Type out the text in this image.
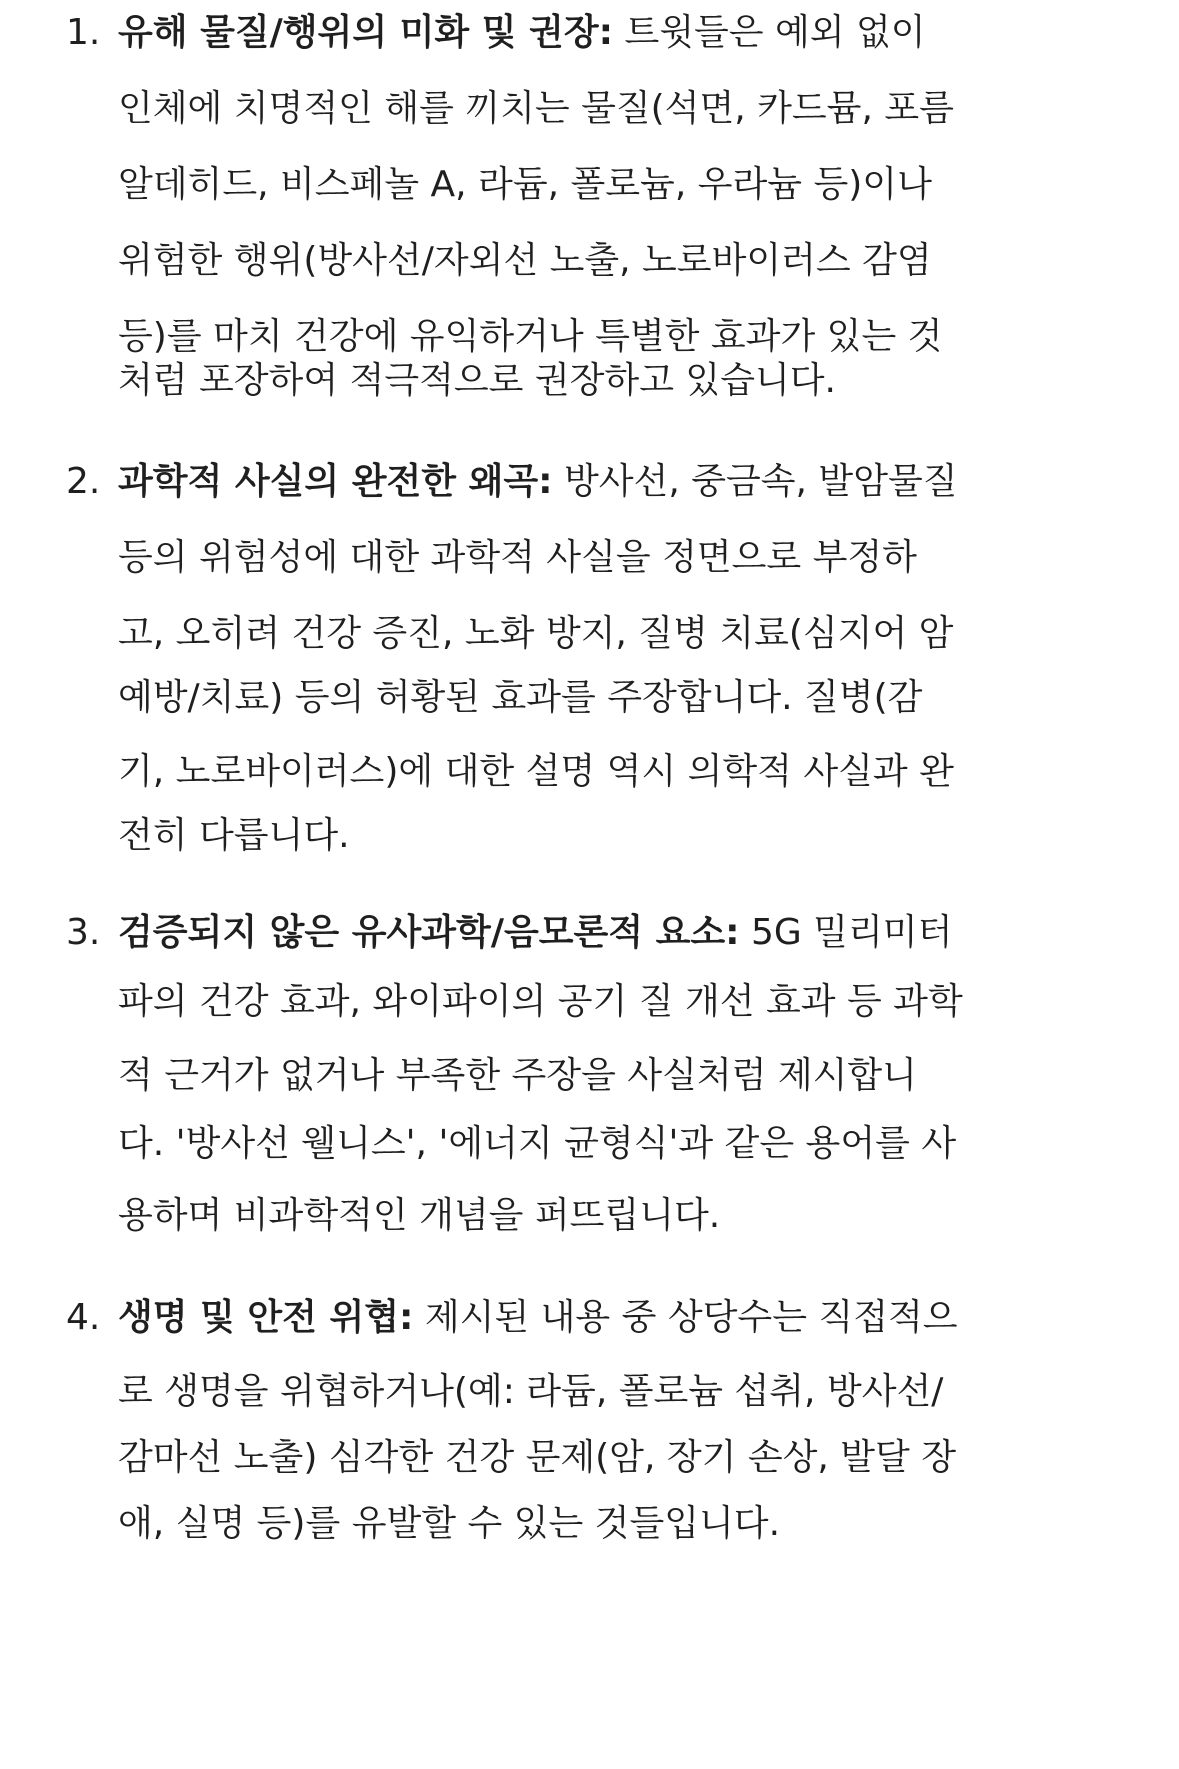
1. 유해 물질/행위의 미화 및 권장: 트윗들은 예외 없이
인체에 치명적인 해를 끼치는 물질(석면, 카드뮴, 포름
알데히드, 비스페놀 A, 라듐, 폴로늄, 우라늄 등)이나
위험한 행위(방사선/자외선 노출, 노로바이러스 감염
등)를 마치 건강에 유익하거나 특별한 효과가 있는 것
처럼 포장하여 적극적으로 권장하고 있습니다.
2. 과학적 사실의 완전한 왜곡: 방사선, 중금속, 발암물질
등의 위험성에 대한 과학적 사실을 정면으로 부정하
고, 오히려 건강 증진, 노화 방지, 질병 치료(심지어 암
예방/치료) 등의 허황된 효과를 주장합니다. 질병(감
기, 노로바이러스)에 대한 설명 역시 의학적 사실과 완
전히 다릅니다.
3. 검증되지 않은 유사과학/음모론적 요소: 5G 밀리미터
파의 건강 효과, 와이파이의 공기 질 개선 효과 등 과학
적 근거가 없거나 부족한 주장을 사실처럼 제시합니
다. '방사선 웰니스', '에너지 균형식'과 같은 용어를 사
용하며 비과학적인 개념을 퍼뜨립니다.
4. 생명 및 안전 위협: 제시된 내용 중 상당수는 직접적으
로 생명을 위협하거나(예: 라듐, 폴로늄 섭취, 방사선/
감마선 노출) 심각한 건강 문제(암, 장기 손상, 발달 장
애, 실명 등)를 유발할 수 있는 것들입니다.
